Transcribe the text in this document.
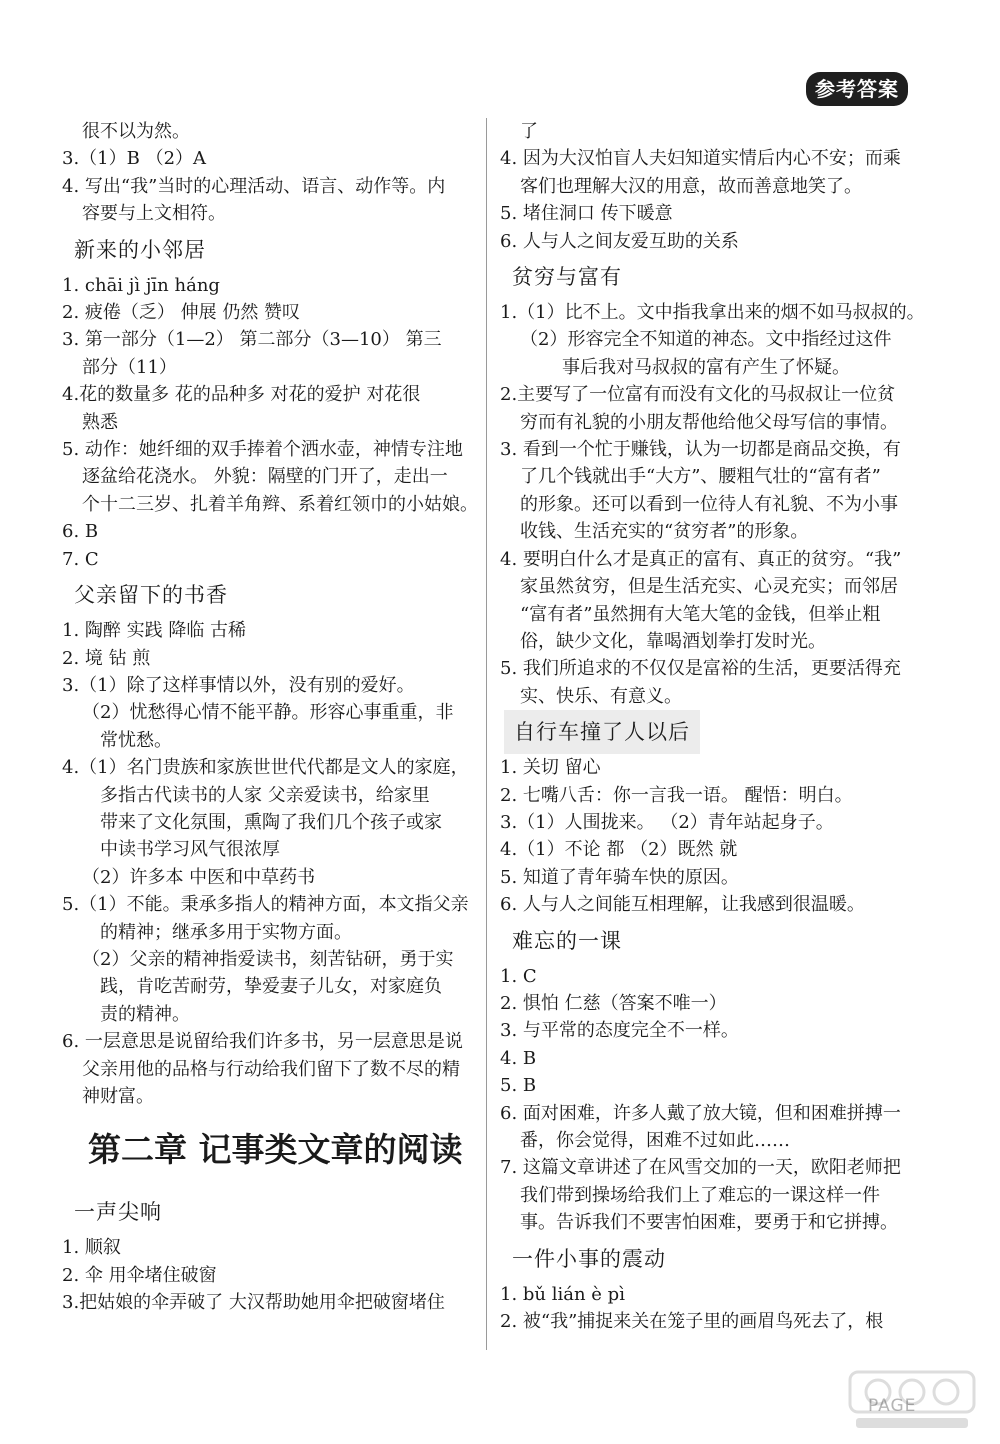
参考答案
很不以为然。
3.（1）B （2）A
4. 写出“我”当时的心理活动、语言、动作等。内
容要与上文相符。
新来的小邻居
1. chāi jì jīn háng
2. 疲倦（乏） 伸展 仍然 赞叹
3. 第一部分（1—2） 第二部分（3—10） 第三
部分（11）
4.花的数量多 花的品种多 对花的爱护 对花很
熟悉
5. 动作：她纤细的双手捧着个洒水壶，神情专注地
逐盆给花浇水。 外貌：隔壁的门开了，走出一
个十二三岁、扎着羊角辫、系着红领巾的小姑娘。
6. B
7. C
父亲留下的书香
1. 陶醉 实践 降临 古稀
2. 境 钻 煎
3.（1）除了这样事情以外，没有别的爱好。
（2）忧愁得心情不能平静。形容心事重重，非
常忧愁。
4.（1）名门贵族和家族世世代代都是文人的家庭，
多指古代读书的人家 父亲爱读书，给家里
带来了文化氛围，熏陶了我们几个孩子或家
中读书学习风气很浓厚
（2）许多本 中医和中草药书
5.（1）不能。秉承多指人的精神方面，本文指父亲
的精神；继承多用于实物方面。
（2）父亲的精神指爱读书，刻苦钻研，勇于实
践，肯吃苦耐劳，挚爱妻子儿女，对家庭负
责的精神。
6. 一层意思是说留给我们许多书，另一层意思是说
父亲用他的品格与行动给我们留下了数不尽的精
神财富。
第二章 记事类文章的阅读
一声尖响
1. 顺叙
2. 伞 用伞堵住破窗
3.把姑娘的伞弄破了 大汉帮助她用伞把破窗堵住
了
4. 因为大汉怕盲人夫妇知道实情后内心不安；而乘
客们也理解大汉的用意，故而善意地笑了。
5. 堵住洞口 传下暖意
6. 人与人之间友爱互助的关系
贫穷与富有
1.（1）比不上。文中指我拿出来的烟不如马叔叔的。
（2）形容完全不知道的神态。文中指经过这件
事后我对马叔叔的富有产生了怀疑。
2.主要写了一位富有而没有文化的马叔叔让一位贫
穷而有礼貌的小朋友帮他给他父母写信的事情。
3. 看到一个忙于赚钱，认为一切都是商品交换，有
了几个钱就出手“大方”、腰粗气壮的“富有者”
的形象。还可以看到一位待人有礼貌、不为小事
收钱、生活充实的“贫穷者”的形象。
4. 要明白什么才是真正的富有、真正的贫穷。“我”
家虽然贫穷，但是生活充实、心灵充实；而邻居
“富有者”虽然拥有大笔大笔的金钱，但举止粗
俗，缺少文化，靠喝酒划拳打发时光。
5. 我们所追求的不仅仅是富裕的生活，更要活得充
实、快乐、有意义。
自行车撞了人以后
1. 关切 留心
2. 七嘴八舌：你一言我一语。 醒悟：明白。
3.（1）人围拢来。 （2）青年站起身子。
4.（1）不论 都 （2）既然 就
5. 知道了青年骑车快的原因。
6. 人与人之间能互相理解，让我感到很温暖。
难忘的一课
1. C
2. 惧怕 仁慈（答案不唯一）
3. 与平常的态度完全不一样。
4. B
5. B
6. 面对困难，许多人戴了放大镜，但和困难拼搏一
番，你会觉得，困难不过如此……
7. 这篇文章讲述了在风雪交加的一天，欧阳老师把
我们带到操场给我们上了难忘的一课这样一件
事。告诉我们不要害怕困难，要勇于和它拼搏。
一件小事的震动
1. bǔ lián è pì
2. 被“我”捕捉来关在笼子里的画眉鸟死去了，根
PAGE
